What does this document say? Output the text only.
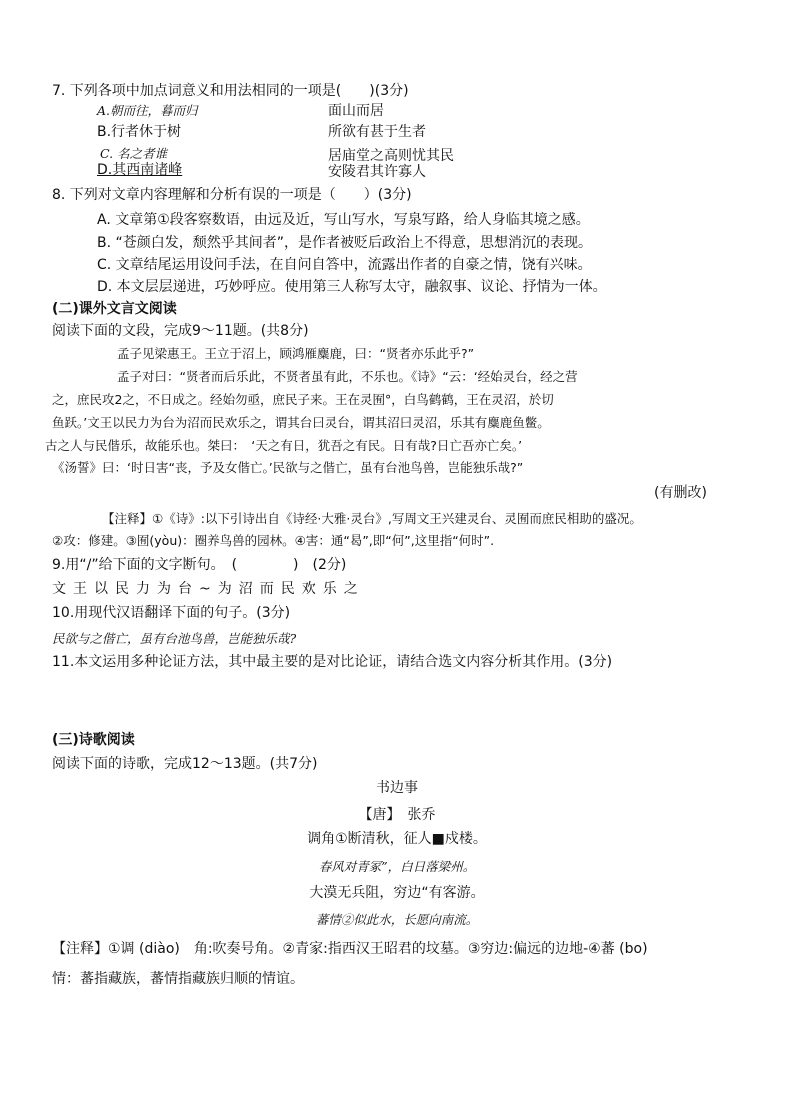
7. 下列各项中加点词意义和用法相同的一项是(　　)(3分)
A.朝而往，暮而归	面山而居
B.行者休于树	所欲有甚于生者
C. 名之者谁	居庙堂之高则忧其民
D.其西南诸峰	安陵君其许寡人
8. 下列对文章内容理解和分析有误的一项是（　　）(3分)
A. 文章第①段客察数语，由远及近，写山写水，写泉写路，给人身临其境之感。
B. “苍颜白发，颓然乎其间者”，是作者被贬后政治上不得意，思想消沉的表现。
C. 文章结尾运用设问手法，在自问自答中，流露出作者的自豪之情，饶有兴味。
D. 本文层层递进，巧妙呼应。使用第三人称写太守，融叙事、议论、抒情为一体。
(二)课外文言文阅读
阅读下面的文段，完成9～11题。(共8分)
孟子见梁惠王。王立于沼上，顾鸿雁麋鹿，曰：“贤者亦乐此乎?”
孟子对曰：“贤者而后乐此，不贤者虽有此，不乐也。《诗》“云：‘经始灵台，经之营
之，庶民攻2之，不日成之。经始勿亟，庶民子来。王在灵囿°，白鸟鹤鹤，王在灵沼，於切
鱼跃。’文王以民力为台为沼而民欢乐之，谓其台曰灵台，谓其沼曰灵沼，乐其有麋鹿鱼鳖。
古之人与民偕乐，故能乐也。桀曰：　‘天之有日，犹吾之有民。日有哉?日亡吾亦亡矣。’
《汤誓》曰：‘时日害“丧，予及女偕亡。’民欲与之偕亡，虽有台池鸟兽，岂能独乐哉?”
(有删改)
【注释】①《诗》:以下引诗出自《诗经·大雅·灵台》,写周文王兴建灵台、灵囿而庶民相助的盛况。
②攻：修建。③囿(yòu)：圈养鸟兽的园林。④害：通“曷”,即“何”,这里指“何时”.
9.用“/”给下面的文字断句。　(　　　　)　(2分)
文王以民力为台~为沼而民欢乐之
10.用现代汉语翻译下面的句子。(3分)
民欲与之偕亡，虽有台池鸟兽，岂能独乐哉?
11.本文运用多种论证方法，其中最主要的是对比论证，请结合选文内容分析其作用。(3分)
(三)诗歌阅读
阅读下面的诗歌，完成12～13题。(共7分)
书边事
【唐】　张乔
调角①断清秋，征人■戍楼。
春风对青冢”，白日落梁州。
大漠无兵阻，穷边“有客游。
蕃情②似此水，长愿向南流。
【注释】①调 (diào)　角:吹奏号角。②青家:指西汉王昭君的坟墓。③穷边:偏远的边地-④蕃 (bo)
情：蕃指藏族，蕃情指藏族归顺的情谊。
